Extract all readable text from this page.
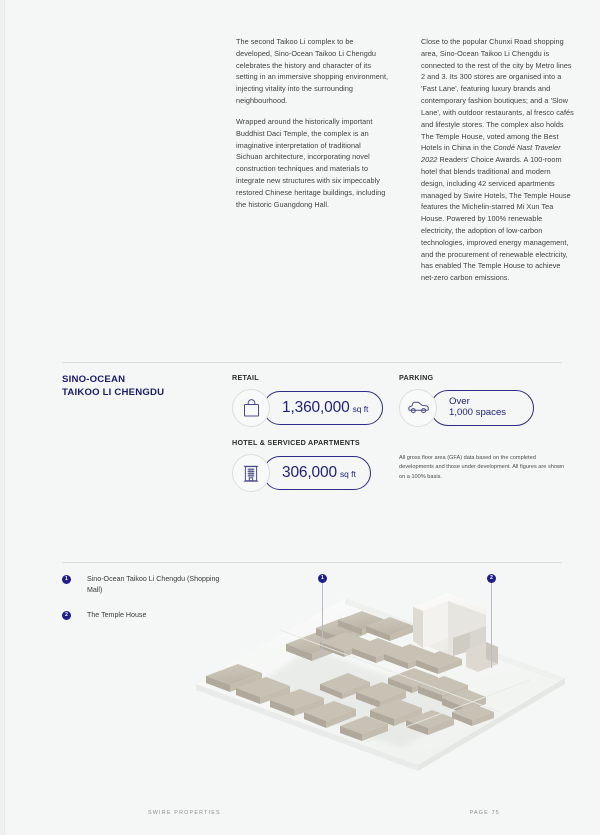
The second Taikoo Li complex to be developed, Sino-Ocean Taikoo Li Chengdu celebrates the history and character of its setting in an immersive shopping environment, injecting vitality into the surrounding neighbourhood.

Wrapped around the historically important Buddhist Daci Temple, the complex is an imaginative interpretation of traditional Sichuan architecture, incorporating novel construction techniques and materials to integrate new structures with six impeccably restored Chinese heritage buildings, including the historic Guangdong Hall.

Close to the popular Chunxi Road shopping area, Sino-Ocean Taikoo Li Chengdu is connected to the rest of the city by Metro lines 2 and 3. Its 300 stores are organised into a 'Fast Lane', featuring luxury brands and contemporary fashion boutiques; and a 'Slow Lane', with outdoor restaurants, al fresco cafés and lifestyle stores. The complex also holds The Temple House, voted among the Best Hotels in China in the Condé Nast Traveler 2022 Readers' Choice Awards. A 100-room hotel that blends traditional and modern design, including 42 serviced apartments managed by Swire Hotels, The Temple House features the Michelin-starred Mi Xun Tea House. Powered by 100% renewable electricity, the adoption of low-carbon technologies, improved energy management, and the procurement of renewable electricity, has enabled The Temple House to achieve net-zero carbon emissions.

SINO-OCEAN
TAIKOO LI CHENGDU
RETAIL
1,360,000 sq ft
PARKING
Over
1,000 spaces
HOTEL & SERVICED APARTMENTS
306,000 sq ft
All gross floor area (GFA) data based on the completed developments and those under development. All figures are shown on a 100% basis.
1	Sino-Ocean Taikoo Li Chengdu (Shopping Mall)
2	The Temple House
1	2
SWIRE PROPERTIES	PAGE 75
